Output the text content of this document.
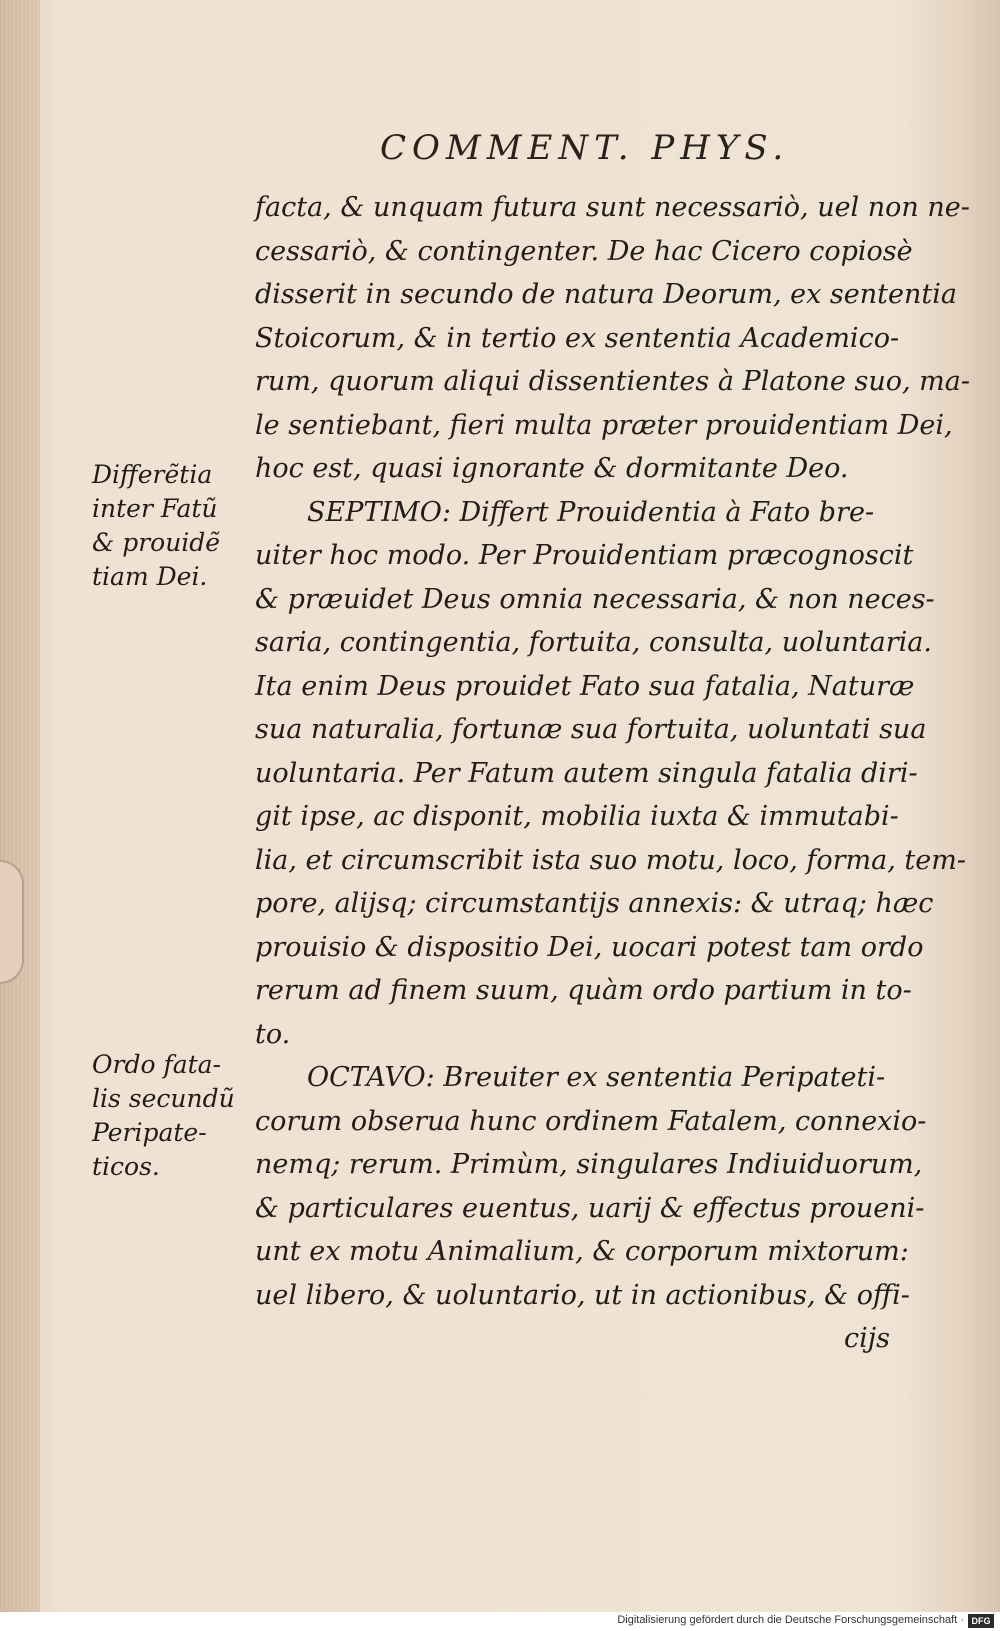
COMMENT. PHYS.
facta, & unquam futura sunt necessariò, uel non ne-
cessariò, & contingenter. De hac Cicero copiosè
disserit in secundo de natura Deorum, ex sententia
Stoicorum, & in tertio ex sententia Academico-
rum, quorum aliqui dissentientes à Platone suo, ma-
le sentiebant, fieri multa præter prouidentiam Dei,
hoc est, quasi ignorante & dormitante Deo.
SEPTIMO: Differt Prouidentia à Fato bre-
uiter hoc modo. Per Prouidentiam præcognoscit
& præuidet Deus omnia necessaria, & non neces-
saria, contingentia, fortuita, consulta, uoluntaria.
Ita enim Deus prouidet Fato sua fatalia, Naturæ
sua naturalia, fortunæ sua fortuita, uoluntati sua
uoluntaria. Per Fatum autem singula fatalia diri-
git ipse, ac disponit, mobilia iuxta & immutabi-
lia, et circumscribit ista suo motu, loco, forma, tem-
pore, alijsq; circumstantijs annexis: & utraq; hæc
prouisio & dispositio Dei, uocari potest tam ordo
rerum ad finem suum, quàm ordo partium in to-
to.
OCTAVO: Breuiter ex sententia Peripateti-
corum obserua hunc ordinem Fatalem, connexio-
nemq; rerum. Primùm, singulares Indiuiduorum,
& particulares euentus, uarij & effectus proueni-
unt ex motu Animalium, & corporum mixtorum:
uel libero, & uoluntario, ut in actionibus, & offi-
cijs
Differẽtia
inter Fatũ
& prouidẽ
tiam Dei.
Ordo fata-
lis secundũ
Peripate-
ticos.
Digitalisierung gefördert durch die Deutsche Forschungsgemeinschaft · DFG
